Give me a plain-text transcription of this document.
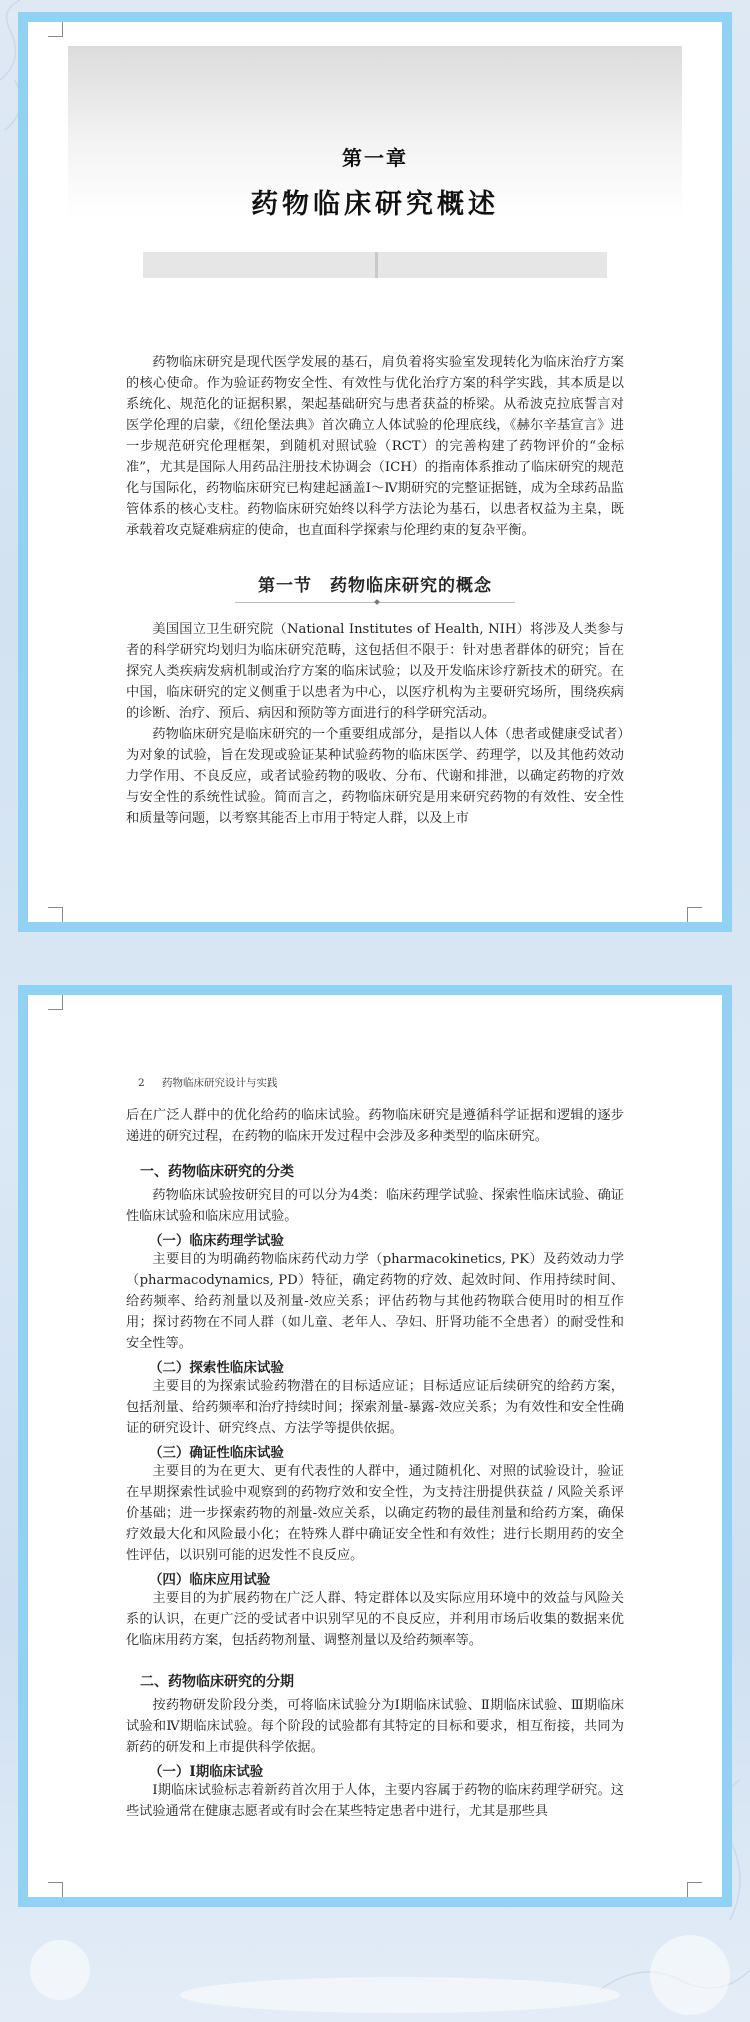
第一章
药物临床研究概述

药物临床研究是现代医学发展的基石，肩负着将实验室发现转化为临床治疗方案的核心使命。作为验证药物安全性、有效性与优化治疗方案的科学实践，其本质是以系统化、规范化的证据积累，架起基础研究与患者获益的桥梁。从希波克拉底誓言对医学伦理的启蒙，《纽伦堡法典》首次确立人体试验的伦理底线，《赫尔辛基宣言》进一步规范研究伦理框架，到随机对照试验（RCT）的完善构建了药物评价的“金标准”，尤其是国际人用药品注册技术协调会（ICH）的指南体系推动了临床研究的规范化与国际化，药物临床研究已构建起涵盖Ⅰ～Ⅳ期研究的完整证据链，成为全球药品监管体系的核心支柱。药物临床研究始终以科学方法论为基石，以患者权益为主臬，既承载着攻克疑难病症的使命，也直面科学探索与伦理约束的复杂平衡。

第一节　药物临床研究的概念

美国国立卫生研究院（National Institutes of Health, NIH）将涉及人类参与者的科学研究均划归为临床研究范畴，这包括但不限于：针对患者群体的研究；旨在探究人类疾病发病机制或治疗方案的临床试验；以及开发临床诊疗新技术的研究。在中国，临床研究的定义侧重于以患者为中心，以医疗机构为主要研究场所，围绕疾病的诊断、治疗、预后、病因和预防等方面进行的科学研究活动。

药物临床研究是临床研究的一个重要组成部分，是指以人体（患者或健康受试者）为对象的试验，旨在发现或验证某种试验药物的临床医学、药理学，以及其他药效动力学作用、不良反应，或者试验药物的吸收、分布、代谢和排泄，以确定药物的疗效与安全性的系统性试验。简而言之，药物临床研究是用来研究药物的有效性、安全性和质量等问题，以考察其能否上市用于特定人群，以及上市

2 药物临床研究设计与实践

后在广泛人群中的优化给药的临床试验。药物临床研究是遵循科学证据和逻辑的逐步递进的研究过程，在药物的临床开发过程中会涉及多种类型的临床研究。

一、药物临床研究的分类

药物临床试验按研究目的可以分为4类：临床药理学试验、探索性临床试验、确证性临床试验和临床应用试验。

（一）临床药理学试验

主要目的为明确药物临床药代动力学（pharmacokinetics, PK）及药效动力学（pharmacodynamics, PD）特征，确定药物的疗效、起效时间、作用持续时间、给药频率、给药剂量以及剂量-效应关系；评估药物与其他药物联合使用时的相互作用；探讨药物在不同人群（如儿童、老年人、孕妇、肝肾功能不全患者）的耐受性和安全性等。

（二）探索性临床试验

主要目的为探索试验药物潜在的目标适应证；目标适应证后续研究的给药方案，包括剂量、给药频率和治疗持续时间；探索剂量-暴露-效应关系；为有效性和安全性确证的研究设计、研究终点、方法学等提供依据。

（三）确证性临床试验

主要目的为在更大、更有代表性的人群中，通过随机化、对照的试验设计，验证在早期探索性试验中观察到的药物疗效和安全性，为支持注册提供获益 / 风险关系评价基础；进一步探索药物的剂量-效应关系，以确定药物的最佳剂量和给药方案，确保疗效最大化和风险最小化；在特殊人群中确证安全性和有效性；进行长期用药的安全性评估，以识别可能的迟发性不良反应。

（四）临床应用试验

主要目的为扩展药物在广泛人群、特定群体以及实际应用环境中的效益与风险关系的认识，在更广泛的受试者中识别罕见的不良反应，并利用市场后收集的数据来优化临床用药方案，包括药物剂量、调整剂量以及给药频率等。

二、药物临床研究的分期

按药物研发阶段分类，可将临床试验分为Ⅰ期临床试验、Ⅱ期临床试验、Ⅲ期临床试验和Ⅳ期临床试验。每个阶段的试验都有其特定的目标和要求，相互衔接，共同为新药的研发和上市提供科学依据。

（一）Ⅰ期临床试验

Ⅰ期临床试验标志着新药首次用于人体，主要内容属于药物的临床药理学研究。这些试验通常在健康志愿者或有时会在某些特定患者中进行，尤其是那些具
